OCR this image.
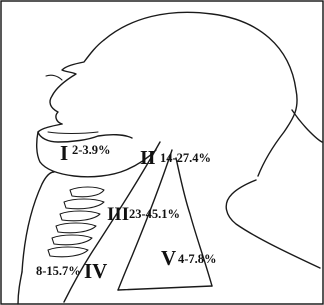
I 2-3.9% II 14-27.4%
III 23-45.1%
8-15.7% IV
V 4-7.8%
